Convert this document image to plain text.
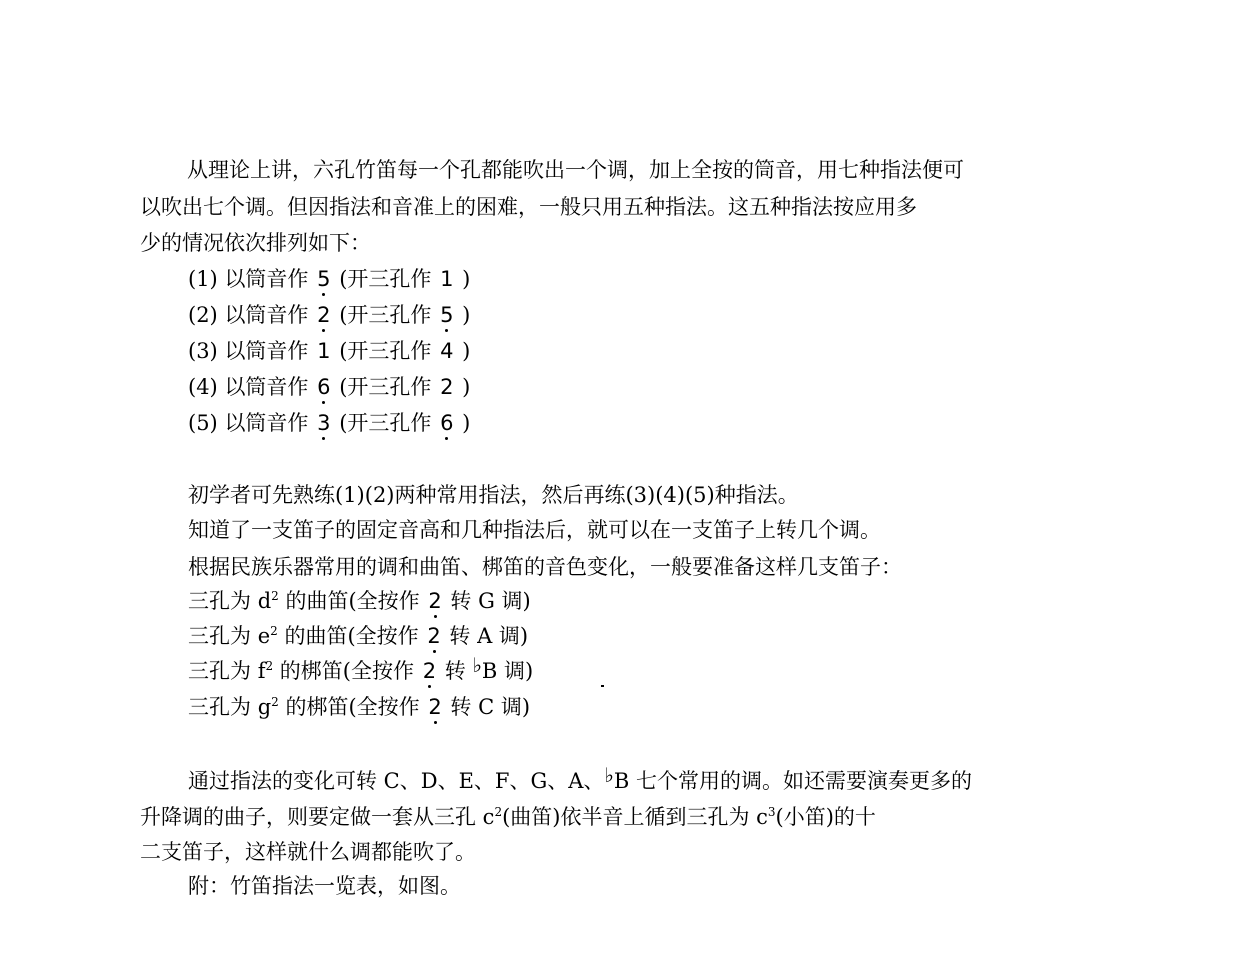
从理论上讲，六孔竹笛每一个孔都能吹出一个调，加上全按的筒音，用七种指法便可
以吹出七个调。但因指法和音准上的困难，一般只用五种指法。这五种指法按应用多
少的情况依次排列如下：
(1) 以筒音作 5 (开三孔作 1 )
(2) 以筒音作 2 (开三孔作 5 )
(3) 以筒音作 1 (开三孔作 4 )
(4) 以筒音作 6 (开三孔作 2 )
(5) 以筒音作 3 (开三孔作 6 )
初学者可先熟练(1)(2)两种常用指法，然后再练(3)(4)(5)种指法。
知道了一支笛子的固定音高和几种指法后，就可以在一支笛子上转几个调。
根据民族乐器常用的调和曲笛、梆笛的音色变化，一般要准备这样几支笛子：
三孔为 $d^2$ 的曲笛(全按作 2 转 G 调)
三孔为 $e^2$ 的曲笛(全按作 2 转 A 调)
三孔为 $f^2$ 的梆笛(全按作 2 转 ♭B 调)
三孔为 $g^2$ 的梆笛(全按作 2 转 C 调)
通过指法的变化可转 C、D、E、F、G、A、♭B 七个常用的调。如还需要演奏更多的
升降调的曲子，则要定做一套从三孔 $c^2$(曲笛)依半音上循到三孔为 $c^3$(小笛)的十
二支笛子，这样就什么调都能吹了。
附：竹笛指法一览表，如图。
